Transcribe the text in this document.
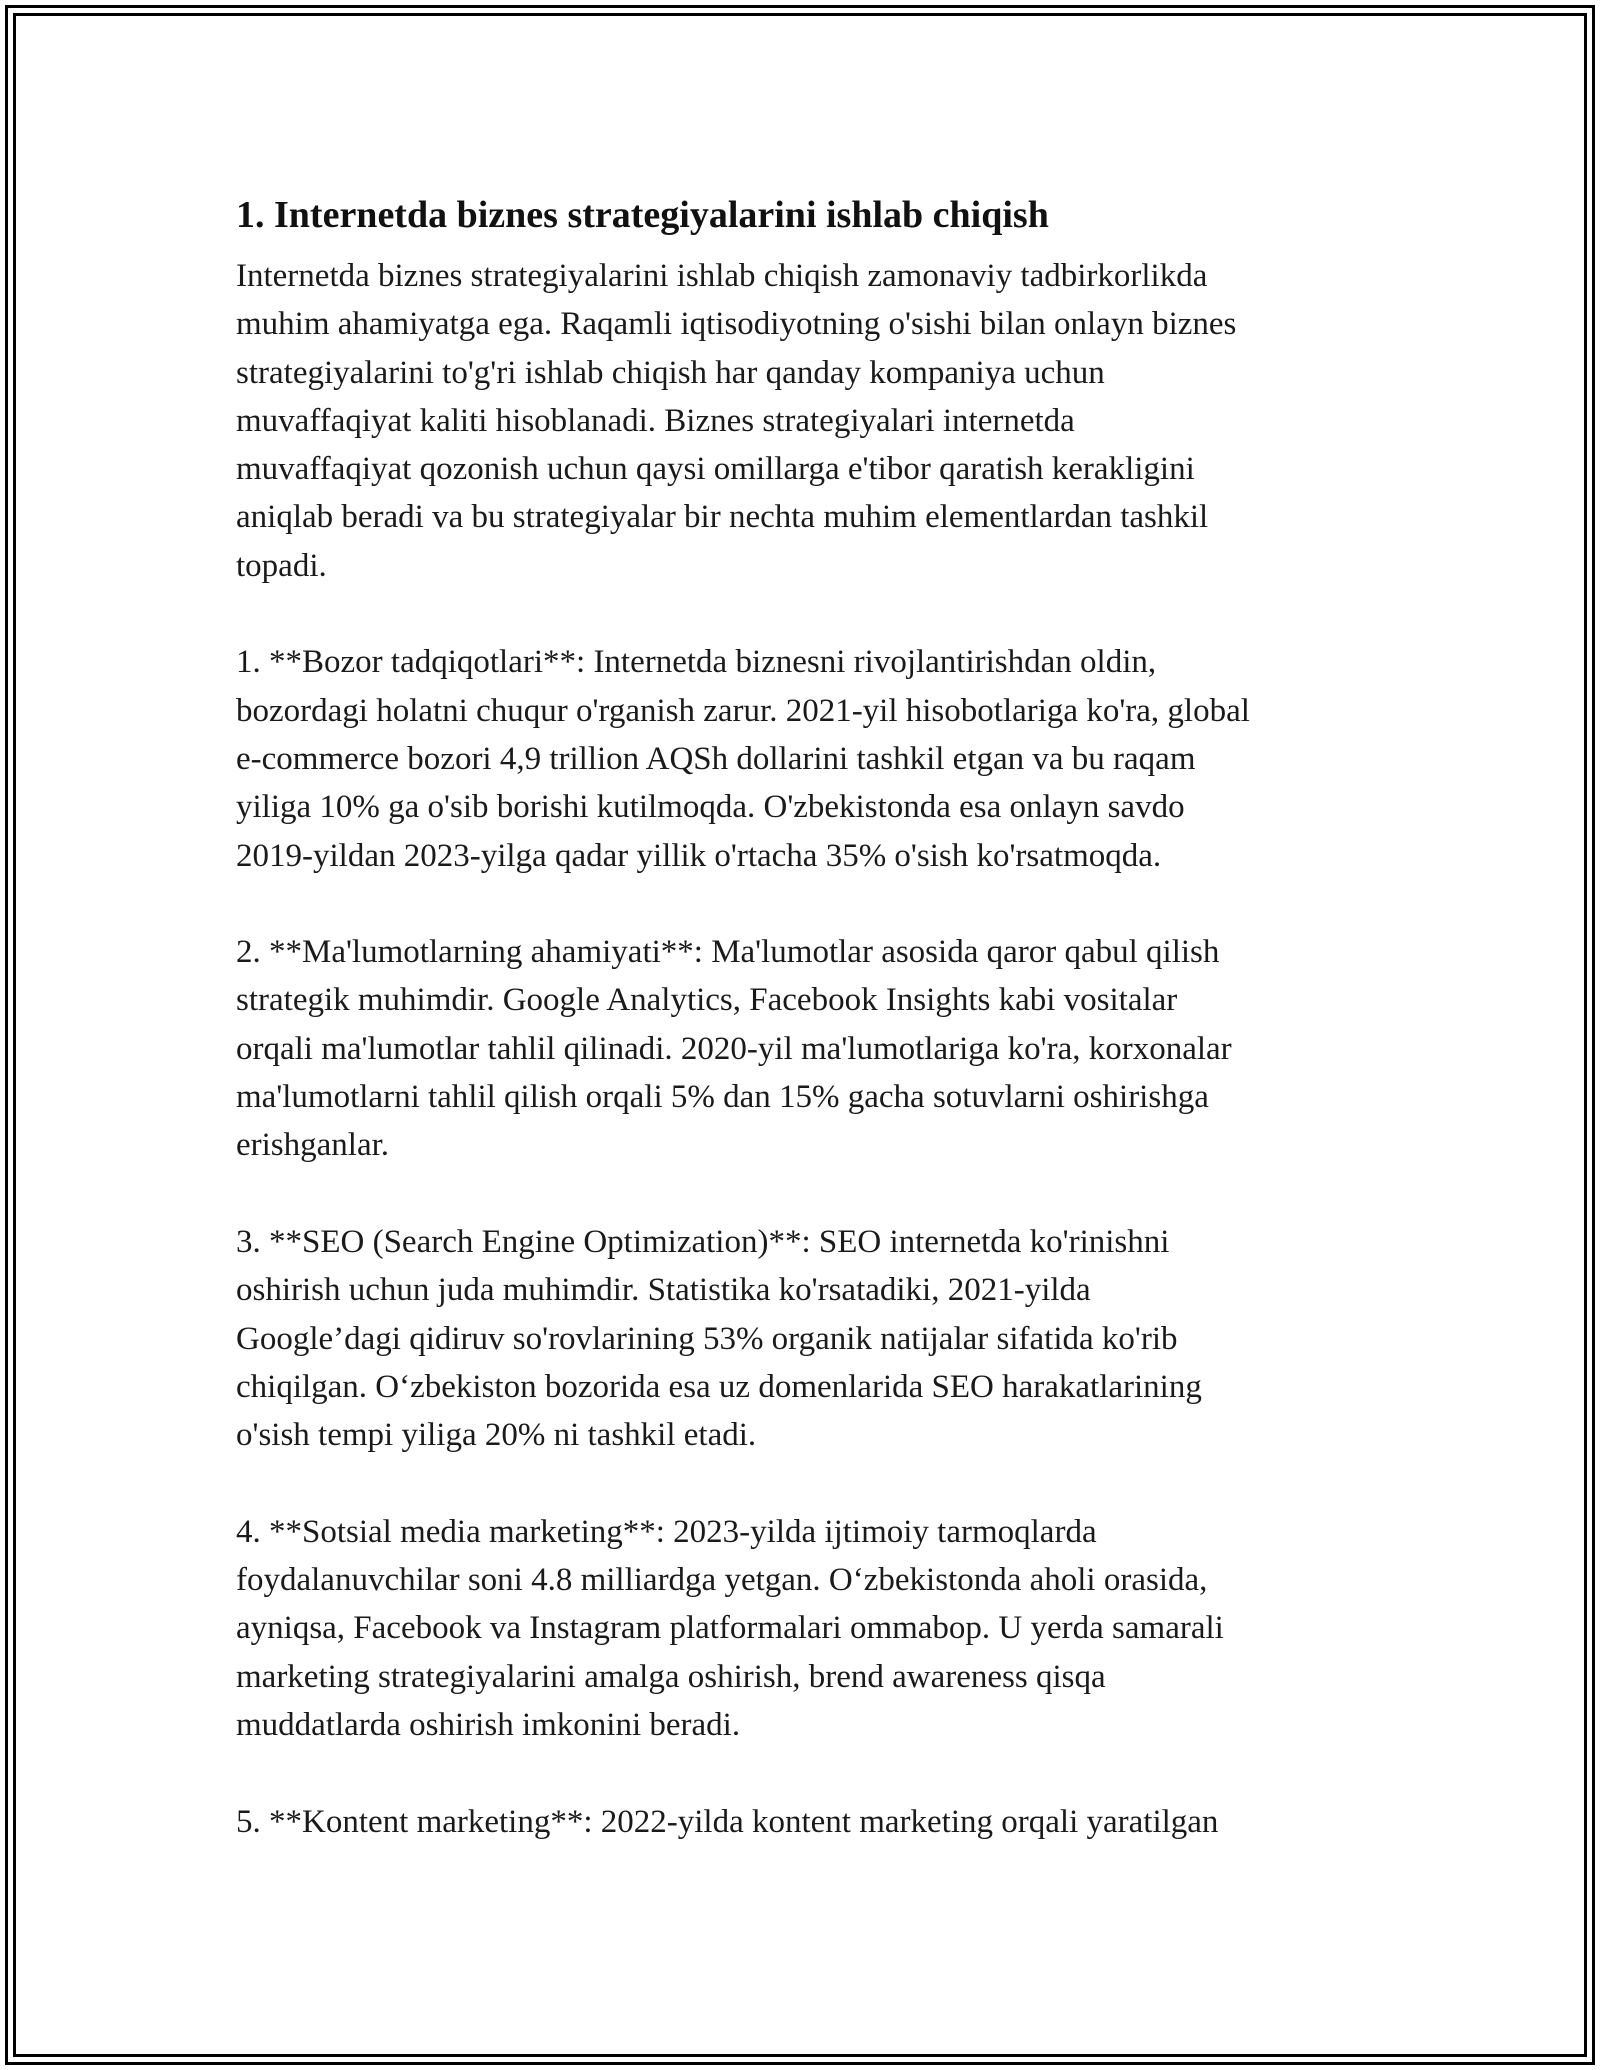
1. Internetda biznes strategiyalarini ishlab chiqish

Internetda biznes strategiyalarini ishlab chiqish zamonaviy tadbirkorlikda
muhim ahamiyatga ega. Raqamli iqtisodiyotning o'sishi bilan onlayn biznes
strategiyalarini to'g'ri ishlab chiqish har qanday kompaniya uchun
muvaffaqiyat kaliti hisoblanadi. Biznes strategiyalari internetda
muvaffaqiyat qozonish uchun qaysi omillarga e'tibor qaratish kerakligini
aniqlab beradi va bu strategiyalar bir nechta muhim elementlardan tashkil
topadi.

1. **Bozor tadqiqotlari**: Internetda biznesni rivojlantirishdan oldin,
bozordagi holatni chuqur o'rganish zarur. 2021-yil hisobotlariga ko'ra, global
e-commerce bozori 4,9 trillion AQSh dollarini tashkil etgan va bu raqam
yiliga 10% ga o'sib borishi kutilmoqda. O'zbekistonda esa onlayn savdo
2019-yildan 2023-yilga qadar yillik o'rtacha 35% o'sish ko'rsatmoqda.

2. **Ma'lumotlarning ahamiyati**: Ma'lumotlar asosida qaror qabul qilish
strategik muhimdir. Google Analytics, Facebook Insights kabi vositalar
orqali ma'lumotlar tahlil qilinadi. 2020-yil ma'lumotlariga ko'ra, korxonalar
ma'lumotlarni tahlil qilish orqali 5% dan 15% gacha sotuvlarni oshirishga
erishganlar.

3. **SEO (Search Engine Optimization)**: SEO internetda ko'rinishni
oshirish uchun juda muhimdir. Statistika ko'rsatadiki, 2021-yilda
Google’dagi qidiruv so'rovlarining 53% organik natijalar sifatida ko'rib
chiqilgan. O‘zbekiston bozorida esa uz domenlarida SEO harakatlarining
o'sish tempi yiliga 20% ni tashkil etadi.

4. **Sotsial media marketing**: 2023-yilda ijtimoiy tarmoqlarda
foydalanuvchilar soni 4.8 milliardga yetgan. O‘zbekistonda aholi orasida,
ayniqsa, Facebook va Instagram platformalari ommabop. U yerda samarali
marketing strategiyalarini amalga oshirish, brend awareness qisqa
muddatlarda oshirish imkonini beradi.

5. **Kontent marketing**: 2022-yilda kontent marketing orqali yaratilgan
